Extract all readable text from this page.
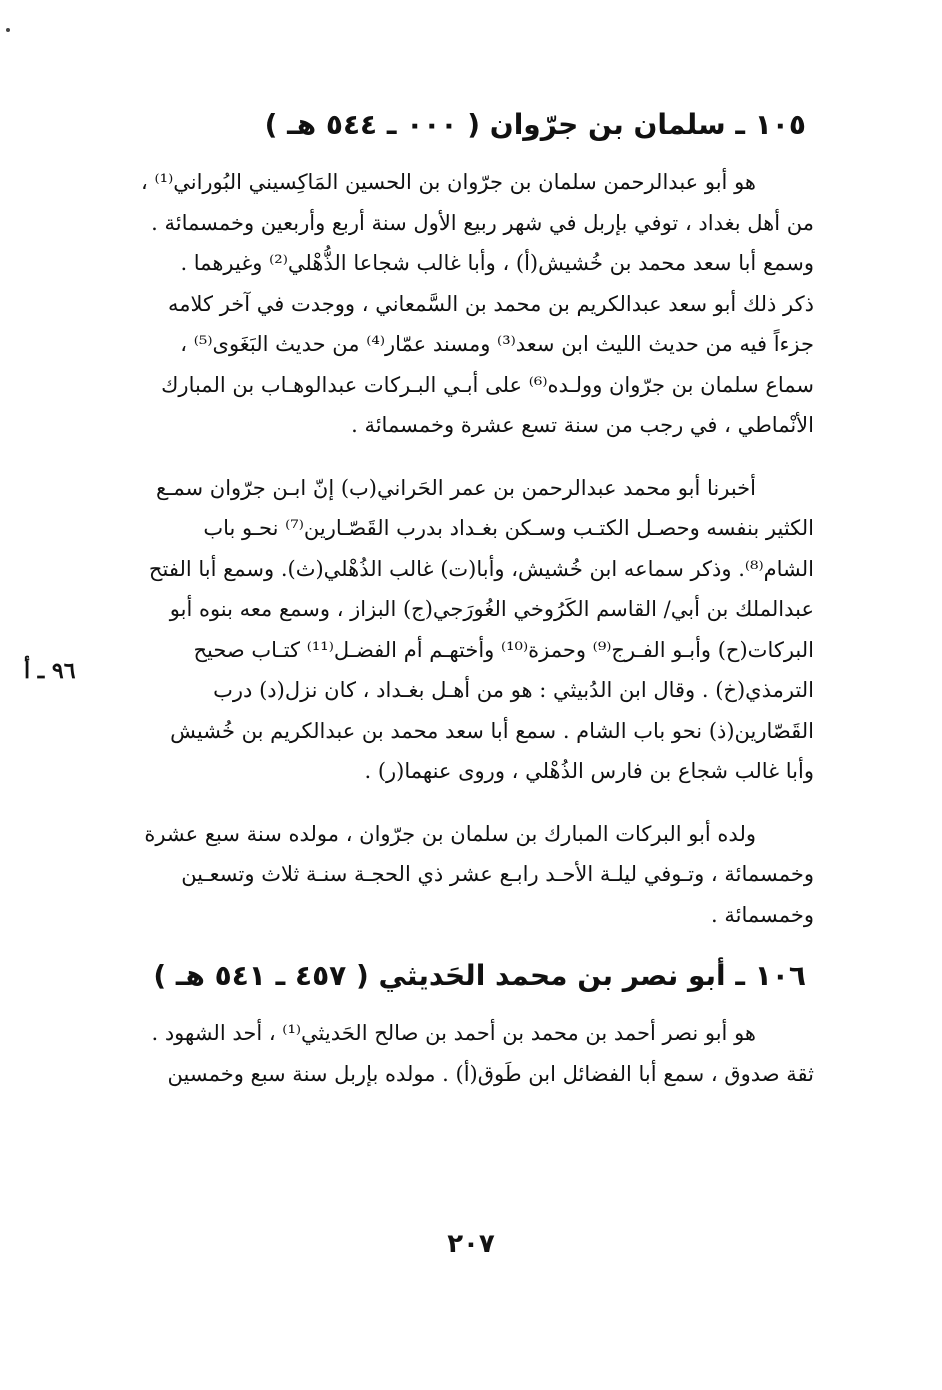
١٠٥ ـ سلمان بن جرّوان ( ٠٠٠ ـ ٥٤٤ هـ )

هو أبو عبدالرحمن سلمان بن جرّوان بن الحسين المَاكِسيني البُوراني⁽¹⁾ ،
من أهل بغداد ، توفي بإربل في شهر ربيع الأول سنة أربع وأربعين وخمسمائة .
وسمع أبا سعد محمد بن خُشيش(أ) ، وأبا غالب شجاعا الذُّهْلي⁽²⁾ وغيرهما .
ذكر ذلك أبو سعد عبدالكريم بن محمد بن السَّمعاني ، ووجدت في آخر كلامه
جزءاً فيه من حديث الليث ابن سعد⁽³⁾ ومسند عمّار⁽⁴⁾ من حديث البَغَوى⁽⁵⁾ ،
سماع سلمان بن جرّوان وولـده⁽⁶⁾ على أبـي البـركات عبدالوهـاب بن المبارك
الأنْماطي ، في رجب من سنة تسع عشرة وخمسمائة .

أخبرنا أبو محمد عبدالرحمن بن عمر الحَراني(ب) إنّ ابـن جرّوان سمـع
الكثير بنفسه وحصـل الكتـب وسـكن بغـداد بدرب القَصّـارين⁽⁷⁾ نحـو باب
الشام⁽⁸⁾. وذكر سماعه ابن خُشيش، وأبا(ت) غالب الذُهْلي(ث). وسمع أبا الفتح
عبدالملك بن أبي/ القاسم الكَرُوخي الغُورَجي(ج) البزاز ، وسمع معه بنوه أبو
البركات(ح) وأبـو الفـرج⁽⁹⁾ وحمزة⁽¹⁰⁾ وأختهـم أم الفضـل⁽¹¹⁾ كتـاب صحيح
الترمذي(خ) . وقال ابن الدُبيثي : هو من أهـل بغـداد ، كان نزل(د) درب
القَصّارين(ذ) نحو باب الشام . سمع أبا سعد محمد بن عبدالكريم بن خُشيش
وأبا غالب شجاع بن فارس الذُهْلي ، وروى عنهما(ر) .

ولده أبو البركات المبارك بن سلمان بن جرّوان ، مولده سنة سبع عشرة
وخمسمائة ، وتـوفي ليلـة الأحـد رابـع عشر ذي الحجـة سنـة ثلاث وتسعـين
وخمسمائة .

١٠٦ ـ أبو نصر بن محمد الحَديثي ( ٤٥٧ ـ ٥٤١ هـ )

هو أبو نصر أحمد بن محمد بن أحمد بن صالح الحَديثي⁽¹⁾ ، أحد الشهود .
ثقة صدوق ، سمع أبا الفضائل ابن طَوق(أ) . مولده بإربل سنة سبع وخمسين

٩٦ ـ أ
٢٠٧
